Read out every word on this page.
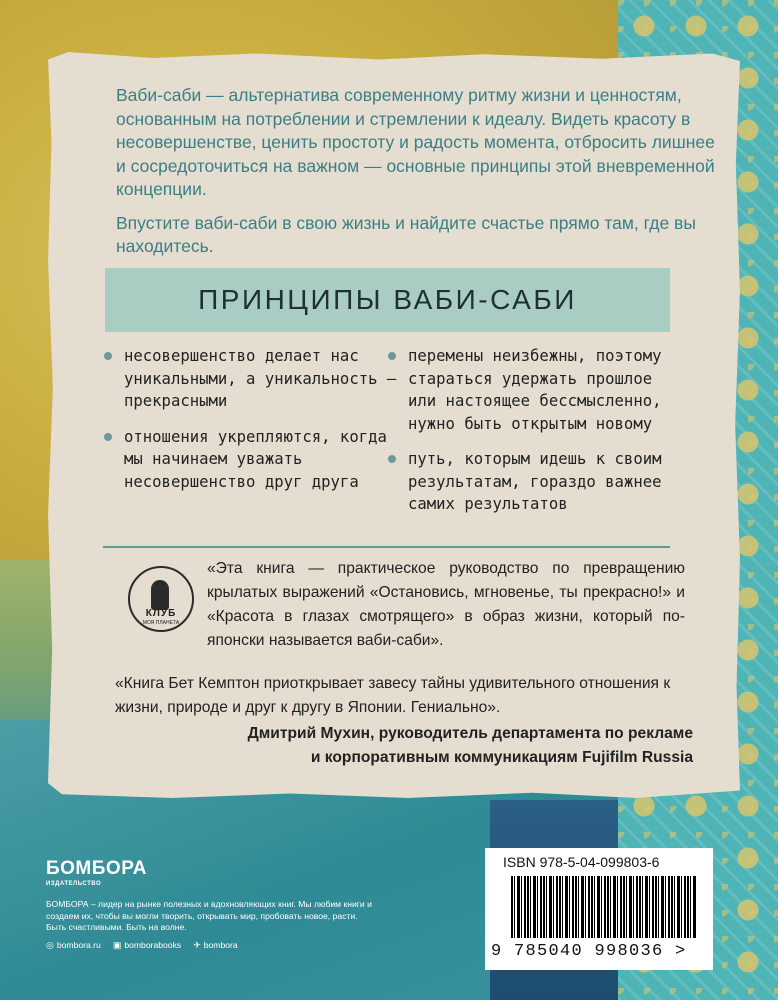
Ваби-саби — альтернатива современному ритму жизни и ценностям, основанным на потреблении и стремлении к идеалу. Видеть красоту в несовершенстве, ценить простоту и радость момента, отбросить лишнее и сосредоточиться на важном — основные принципы этой вневременной концепции.

Впустите ваби-саби в свою жизнь и найдите счастье прямо там, где вы находитесь.

ПРИНЦИПЫ ВАБИ-САБИ
несовершенство делает нас уникальными, а уникальность — прекрасными
отношения укрепляются, когда мы начинаем уважать несовершенство друг друга
перемены неизбежны, поэтому стараться удержать прошлое или настоящее бессмысленно, нужно быть открытым новому
путь, которым идешь к своим результатам, гораздо важнее самих результатов
КЛУБ
МОЯ ПЛАНЕТА
«Эта книга — практическое руководство по превращению крылатых выражений «Остановись, мгновенье, ты прекрасно!» и «Красота в глазах смотрящего» в образ жизни, который по-японски называется ваби-саби».
«Книга Бет Кемптон приоткрывает завесу тайны удивительного отношения к жизни, природе и друг к другу в Японии. Гениально».
Дмитрий Мухин, руководитель департамента по рекламе
и корпоративным коммуникациям Fujifilm Russia
БОМБОРА
ИЗДАТЕЛЬСТВО
БОМБОРА – лидер на рынке полезных и вдохновляющих книг. Мы любим книги и создаем их, чтобы вы могли творить, открывать мир, пробовать новое, расти. Быть счастливыми. Быть на волне.
◎ bombora.ru ▣ bomborabooks ✈ bombora
ISBN 978-5-04-099803-6
9 785040 998036 >
